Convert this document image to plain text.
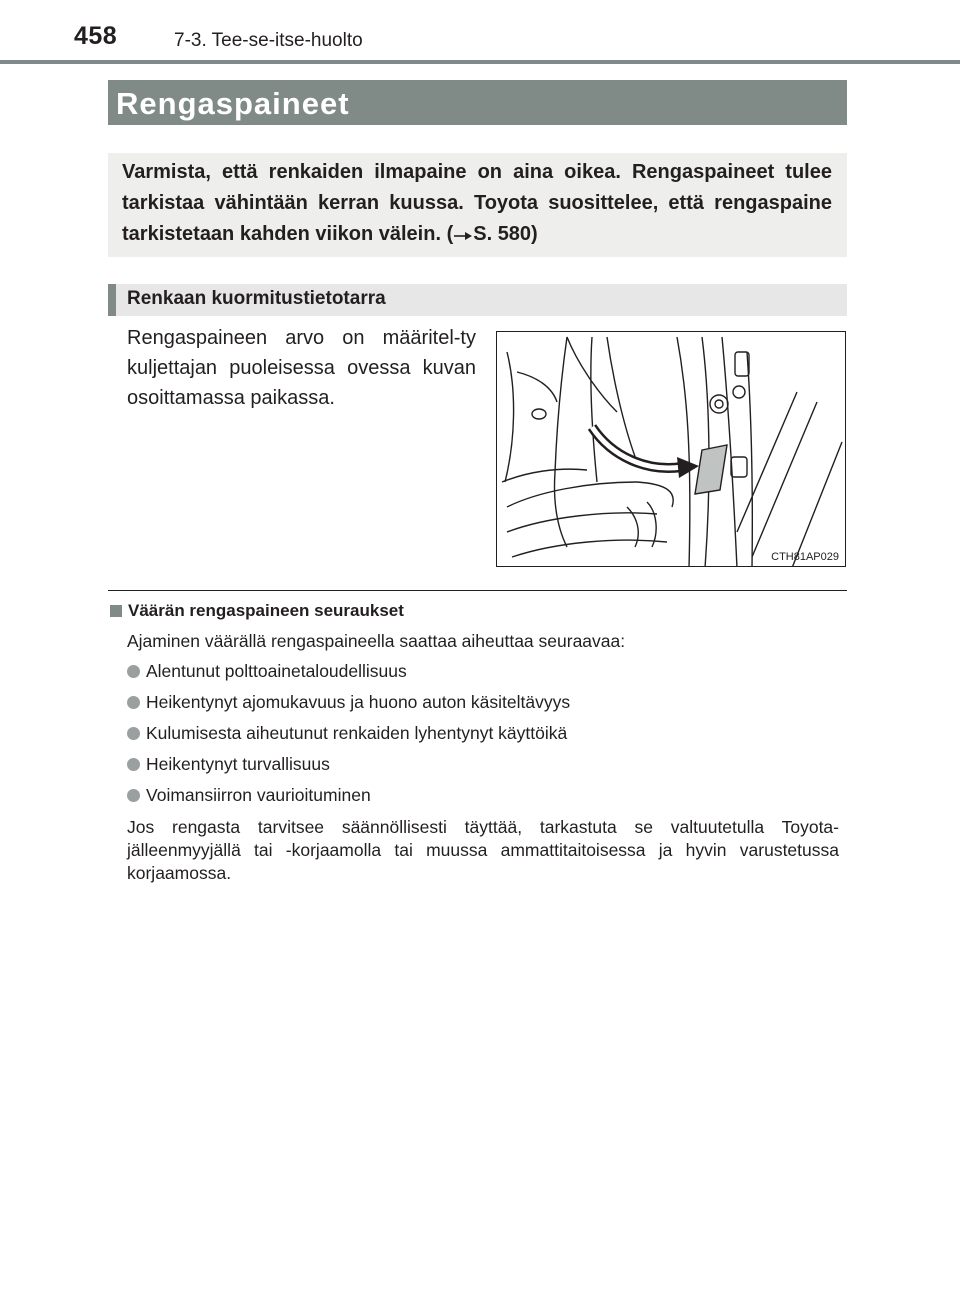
458	7-3. Tee-se-itse-huolto
Rengaspaineet
Varmista, että renkaiden ilmapaine on aina oikea. Rengaspaineet tulee tarkistaa vähintään kerran kuussa. Toyota suosittelee, että rengaspaine tarkistetaan kahden viikon välein. ( S. 580)
Renkaan kuormitustietotarra
Rengaspaineen arvo on määritel-ty kuljettajan puoleisessa ovessa kuvan osoittamassa paikassa.
CTH81AP029
Väärän rengaspaineen seuraukset
Ajaminen väärällä rengaspaineella saattaa aiheuttaa seuraavaa:
Alentunut polttoainetaloudellisuus
Heikentynyt ajomukavuus ja huono auton käsiteltävyys
Kulumisesta aiheutunut renkaiden lyhentynyt käyttöikä
Heikentynyt turvallisuus
Voimansiirron vaurioituminen
Jos rengasta tarvitsee säännöllisesti täyttää, tarkastuta se valtuutetulla Toyota-jälleenmyyjällä tai -korjaamolla tai muussa ammattitaitoisessa ja hyvin varustetussa korjaamossa.
